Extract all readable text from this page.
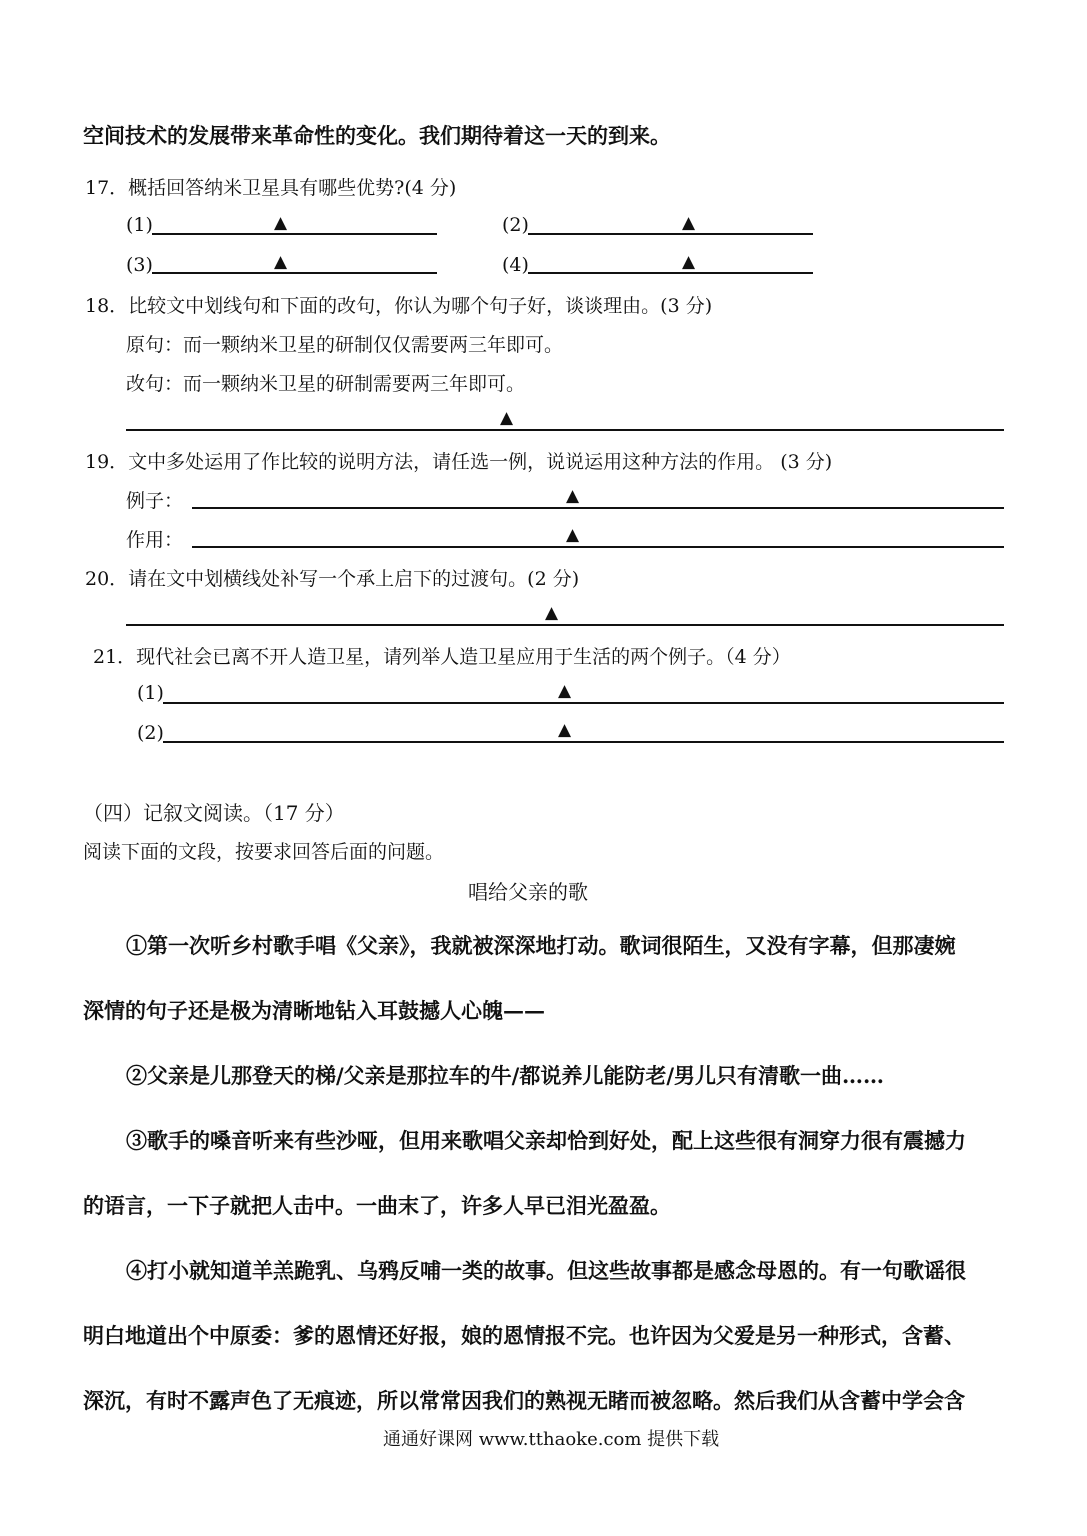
空间技术的发展带来革命性的变化。我们期待着这一天的到来。
17．概括回答纳米卫星具有哪些优势?(4 分)
(1)	▲	(2)	▲
(3)	▲	(4)	▲
18．比较文中划线句和下面的改句，你认为哪个句子好，谈谈理由。(3 分)
原句：而一颗纳米卫星的研制仅仅需要两三年即可。
改句：而一颗纳米卫星的研制需要两三年即可。
▲
19．文中多处运用了作比较的说明方法，请任选一例，说说运用这种方法的作用。 (3 分)
例子：	▲
作用：	▲
20．请在文中划横线处补写一个承上启下的过渡句。(2 分)
▲
21．现代社会已离不开人造卫星，请列举人造卫星应用于生活的两个例子。（4 分）
(1)	▲
(2)	▲
（四）记叙文阅读。（17 分）
阅读下面的文段，按要求回答后面的问题。
唱给父亲的歌
①第一次听乡村歌手唱《父亲》，我就被深深地打动。歌词很陌生，又没有字幕，但那凄婉
深情的句子还是极为清晰地钻入耳鼓撼人心魄——
②父亲是儿那登天的梯/父亲是那拉车的牛/都说养儿能防老/男儿只有清歌一曲……
③歌手的嗓音听来有些沙哑，但用来歌唱父亲却恰到好处，配上这些很有洞穿力很有震撼力
的语言，一下子就把人击中。一曲末了，许多人早已泪光盈盈。
④打小就知道羊羔跪乳、乌鸦反哺一类的故事。但这些故事都是感念母恩的。有一句歌谣很
明白地道出个中原委：爹的恩情还好报，娘的恩情报不完。也许因为父爱是另一种形式，含蓄、
深沉，有时不露声色了无痕迹，所以常常因我们的熟视无睹而被忽略。然后我们从含蓄中学会含
通通好课网 www.tthaoke.com 提供下载
